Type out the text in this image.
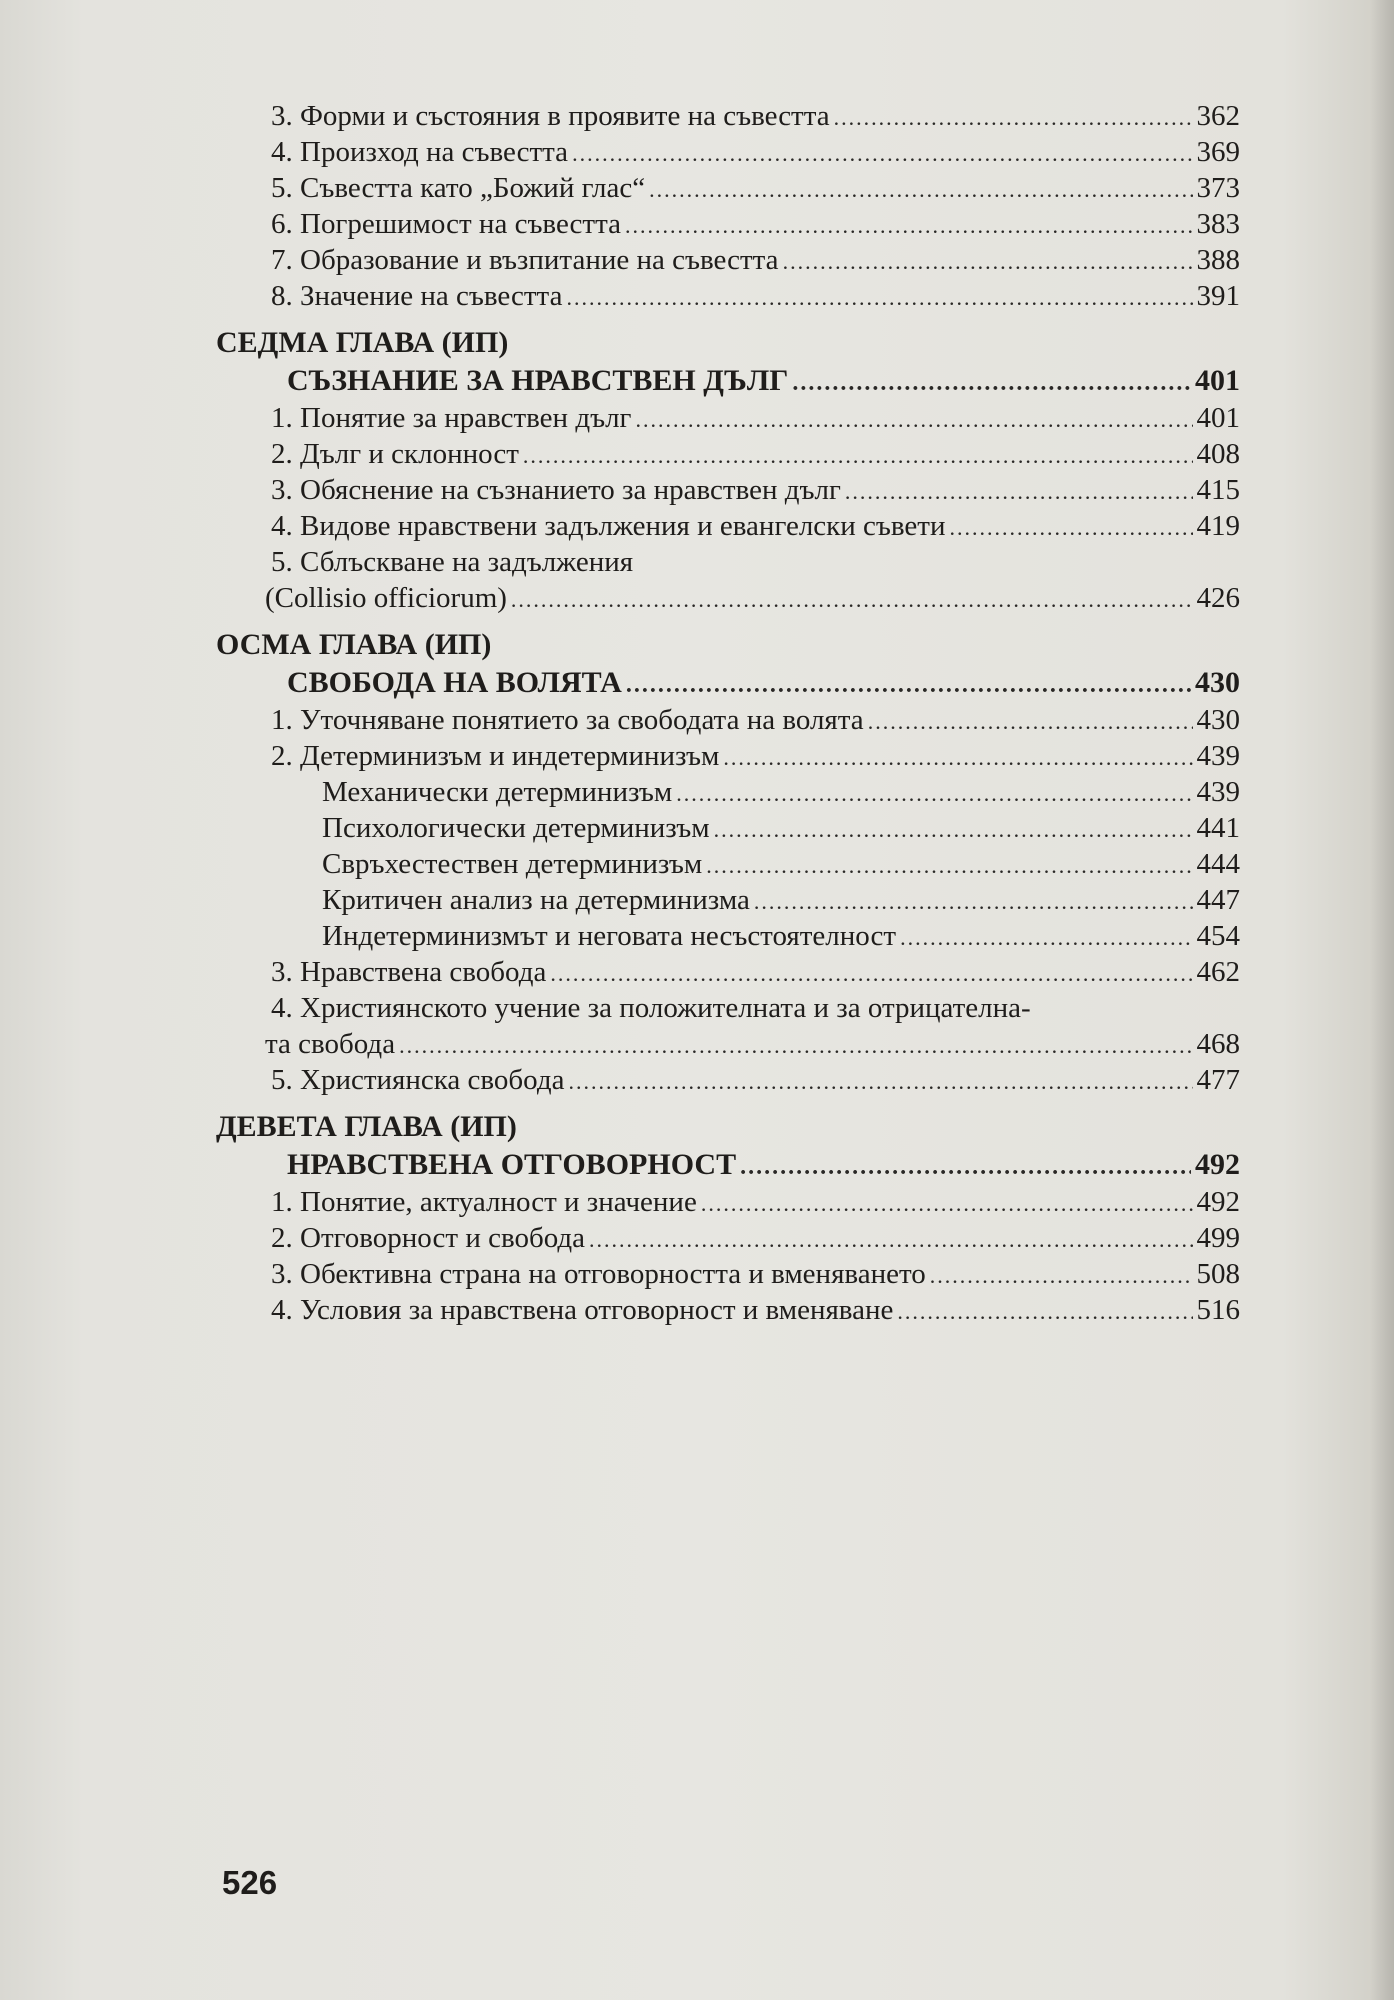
3. Форми и състояния в проявите на съвестта .....	362
4. Произход на съвестта .....	369
5. Съвестта като „Божий глас“ .....	373
6. Погрешимост на съвестта .....	383
7. Образование и възпитание на съвестта .....	388
8. Значение на съвестта .....	391
СЕДМА ГЛАВА (ИП)
СЪЗНАНИЕ ЗА НРАВСТВЕН ДЪЛГ .....	401
1. Понятие за нравствен дълг .....	401
2. Дълг и склонност .....	408
3. Обяснение на съзнанието за нравствен дълг .....	415
4. Видове нравствени задължения и евангелски съвети .....	419
5. Сблъскване на задължения
(Collisio officiorum) .....	426
ОСМА ГЛАВА (ИП)
СВОБОДА НА ВОЛЯТА .....	430
1. Уточняване понятието за свободата на волята .....	430
2. Детерминизъм и индетерминизъм .....	439
Механически детерминизъм .....	439
Психологически детерминизъм .....	441
Свръхестествен детерминизъм .....	444
Критичен анализ на детерминизма .....	447
Индетерминизмът и неговата несъстоятелност .....	454
3. Нравствена свобода .....	462
4. Християнското учение за положителната и за отрицателна-
та свобода .....	468
5. Християнска свобода .....	477
ДЕВЕТА ГЛАВА (ИП)
НРАВСТВЕНА ОТГОВОРНОСТ .....	492
1. Понятие, актуалност и значение .....	492
2. Отговорност и свобода .....	499
3. Обективна страна на отговорността и вменяването .....	508
4. Условия за нравствена отговорност и вменяване .....	516
526
